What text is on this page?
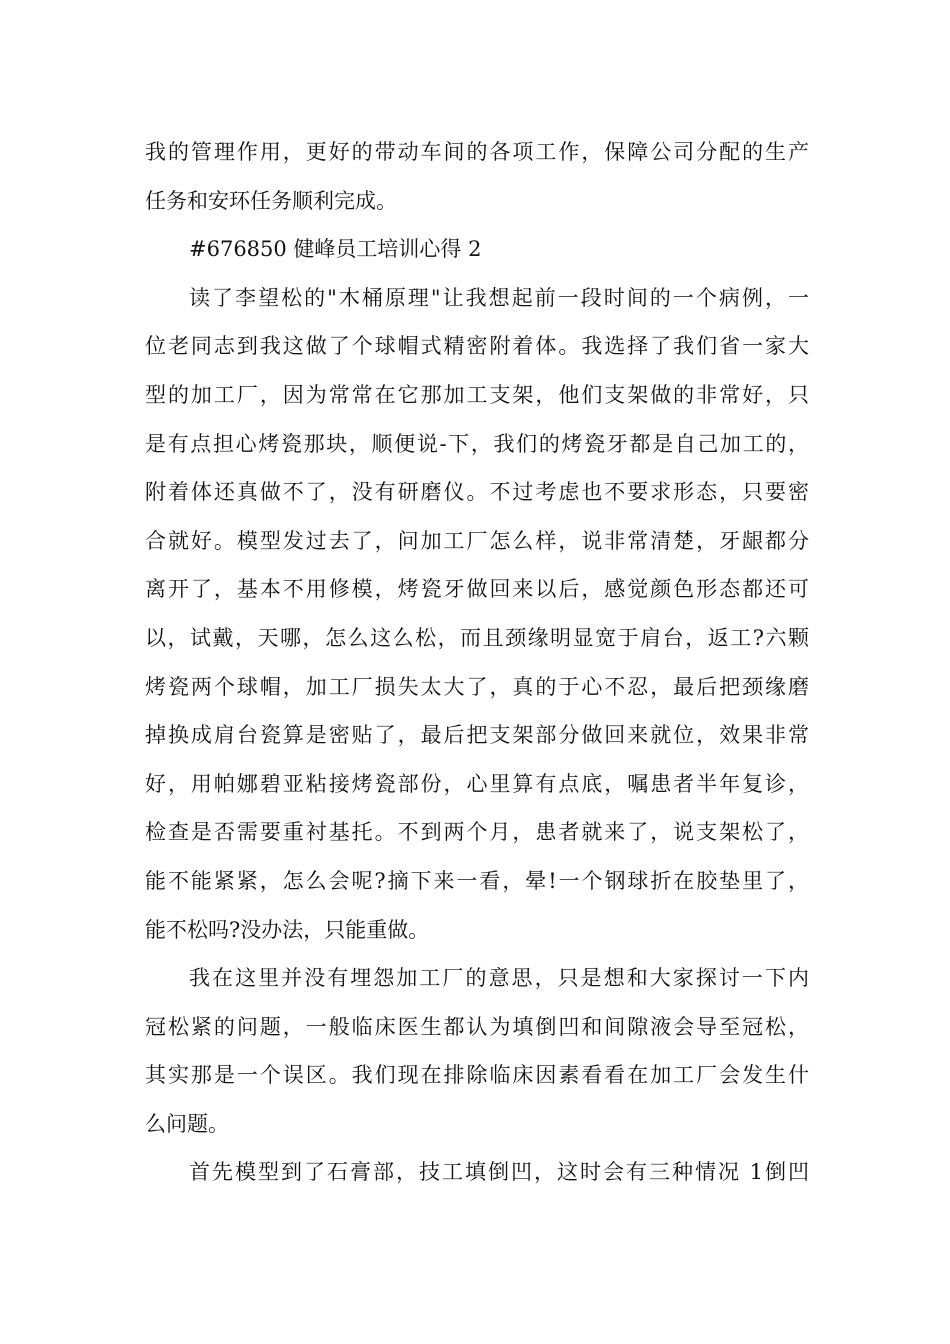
我的管理作用，更好的带动车间的各项工作，保障公司分配的生产
任务和安环任务顺利完成。
#676850 健峰员工培训心得 2
读了李望松的"木桶原理"让我想起前一段时间的一个病例，一
位老同志到我这做了个球帽式精密附着体。我选择了我们省一家大
型的加工厂，因为常常在它那加工支架，他们支架做的非常好，只
是有点担心烤瓷那块，顺便说-下，我们的烤瓷牙都是自己加工的，
附着体还真做不了，没有研磨仪。不过考虑也不要求形态，只要密
合就好。模型发过去了，问加工厂怎么样，说非常清楚，牙龈都分
离开了，基本不用修模，烤瓷牙做回来以后，感觉颜色形态都还可
以，试戴，天哪，怎么这么松，而且颈缘明显宽于肩台，返工?六颗
烤瓷两个球帽，加工厂损失太大了，真的于心不忍，最后把颈缘磨
掉换成肩台瓷算是密贴了，最后把支架部分做回来就位，效果非常
好，用帕娜碧亚粘接烤瓷部份，心里算有点底，嘱患者半年复诊，
检查是否需要重衬基托。不到两个月，患者就来了，说支架松了，
能不能紧紧，怎么会呢?摘下来一看，晕!一个钢球折在胶垫里了，
能不松吗?没办法，只能重做。
我在这里并没有埋怨加工厂的意思，只是想和大家探讨一下内
冠松紧的问题，一般临床医生都认为填倒凹和间隙液会导至冠松，
其实那是一个误区。我们现在排除临床因素看看在加工厂会发生什
么问题。
首先模型到了石膏部，技工填倒凹，这时会有三种情况 1倒凹
